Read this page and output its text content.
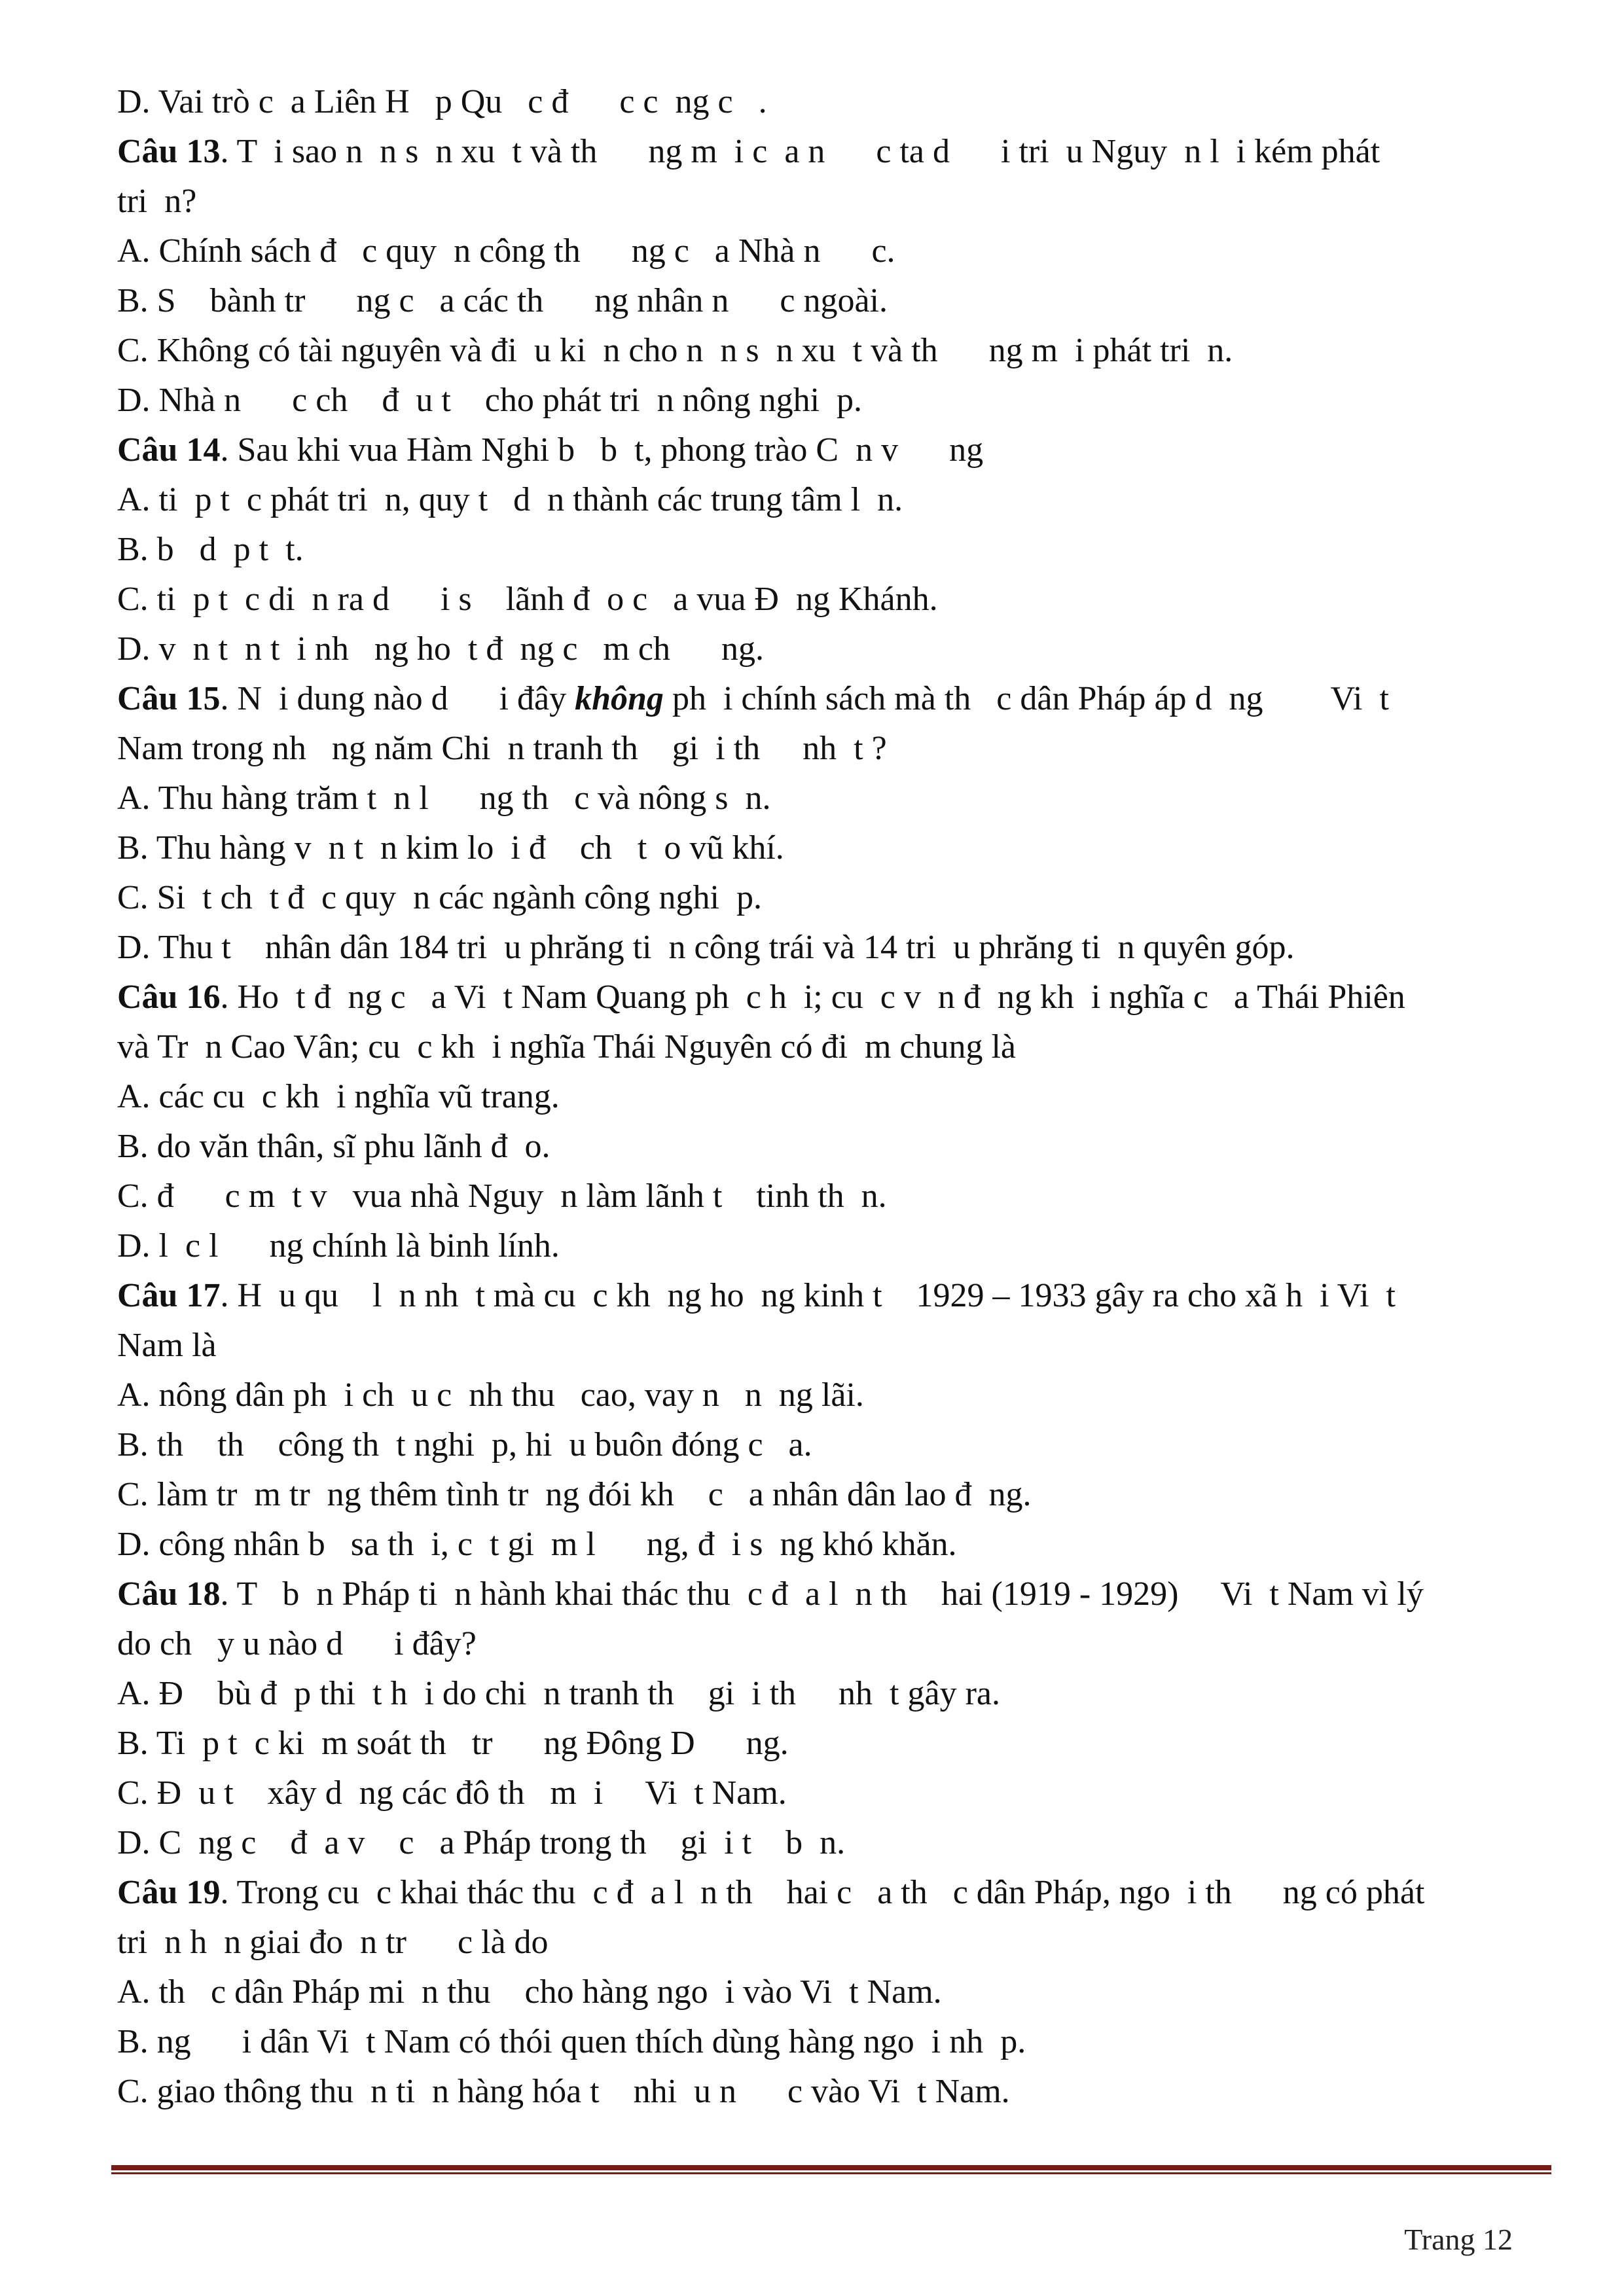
D. Vai trò c  a Liên H   p Qu   c đ      c c  ng c   .
Câu 13. T  i sao n  n s  n xu  t và th      ng m  i c  a n      c ta d      i tri  u Nguy  n l  i kém phát
tri  n?
A. Chính sách đ   c quy  n công th      ng c   a Nhà n      c.
B. S    bành tr      ng c   a các th      ng nhân n      c ngoài.
C. Không có tài nguyên và đi  u ki  n cho n  n s  n xu  t và th      ng m  i phát tri  n.
D. Nhà n      c ch    đ  u t    cho phát tri  n nông nghi  p.
Câu 14. Sau khi vua Hàm Nghi b   b  t, phong trào C  n v      ng
A. ti  p t  c phát tri  n, quy t   d  n thành các trung tâm l  n.
B. b   d  p t  t.
C. ti  p t  c di  n ra d      i s    lãnh đ  o c   a vua Đ  ng Khánh.
D. v  n t  n t  i nh   ng ho  t đ  ng c   m ch      ng.
Câu 15. N  i dung nào d      i đây không ph  i chính sách mà th   c dân Pháp áp d  ng        Vi  t
Nam trong nh   ng năm Chi  n tranh th    gi  i th     nh  t ?
A. Thu hàng trăm t  n l      ng th   c và nông s  n.
B. Thu hàng v  n t  n kim lo  i đ    ch   t  o vũ khí.
C. Si  t ch  t đ  c quy  n các ngành công nghi  p.
D. Thu t    nhân dân 184 tri  u phrăng ti  n công trái và 14 tri  u phrăng ti  n quyên góp.
Câu 16. Ho  t đ  ng c   a Vi  t Nam Quang ph  c h  i; cu  c v  n đ  ng kh  i nghĩa c   a Thái Phiên
và Tr  n Cao Vân; cu  c kh  i nghĩa Thái Nguyên có đi  m chung là
A. các cu  c kh  i nghĩa vũ trang.
B. do văn thân, sĩ phu lãnh đ  o.
C. đ      c m  t v   vua nhà Nguy  n làm lãnh t    tinh th  n.
D. l  c l      ng chính là binh lính.
Câu 17. H  u qu    l  n nh  t mà cu  c kh  ng ho  ng kinh t    1929 – 1933 gây ra cho xã h  i Vi  t
Nam là
A. nông dân ph  i ch  u c  nh thu   cao, vay n   n  ng lãi.
B. th    th    công th  t nghi  p, hi  u buôn đóng c   a.
C. làm tr  m tr  ng thêm tình tr  ng đói kh    c   a nhân dân lao đ  ng.
D. công nhân b   sa th  i, c  t gi  m l      ng, đ  i s  ng khó khăn.
Câu 18. T   b  n Pháp ti  n hành khai thác thu  c đ  a l  n th    hai (1919 - 1929)     Vi  t Nam vì lý
do ch   y u nào d      i đây?
A. Đ    bù đ  p thi  t h  i do chi  n tranh th    gi  i th     nh  t gây ra.
B. Ti  p t  c ki  m soát th   tr      ng Đông D      ng.
C. Đ  u t    xây d  ng các đô th   m  i     Vi  t Nam.
D. C  ng c    đ  a v    c   a Pháp trong th    gi  i t    b  n.
Câu 19. Trong cu  c khai thác thu  c đ  a l  n th    hai c   a th   c dân Pháp, ngo  i th      ng có phát
tri  n h  n giai đo  n tr      c là do
A. th   c dân Pháp mi  n thu    cho hàng ngo  i vào Vi  t Nam.
B. ng      i dân Vi  t Nam có thói quen thích dùng hàng ngo  i nh  p.
C. giao thông thu  n ti  n hàng hóa t    nhi  u n      c vào Vi  t Nam.
Trang 12
